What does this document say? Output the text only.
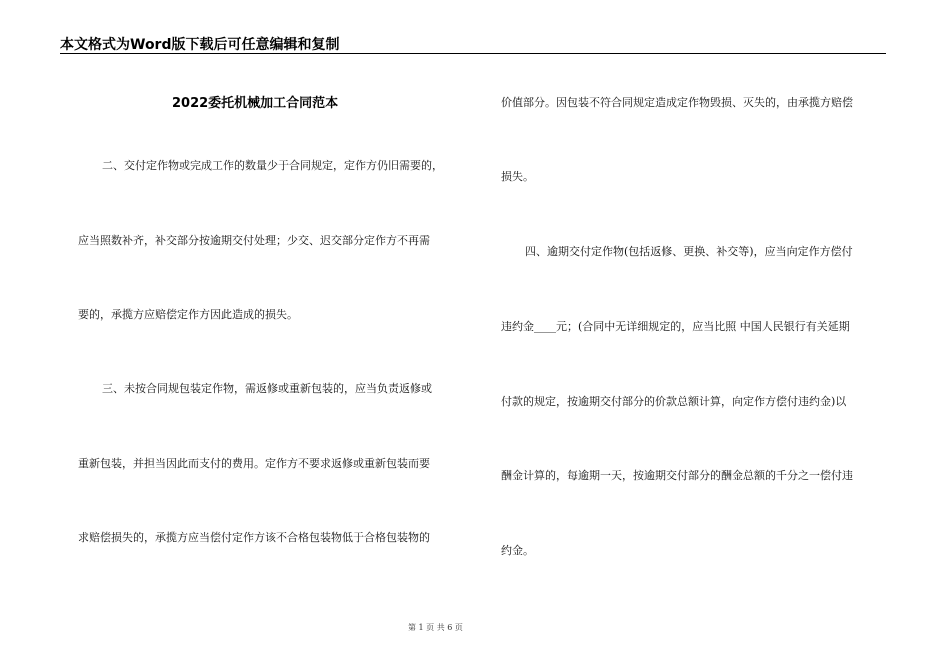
本文格式为Word版下载后可任意编辑和复制
2022委托机械加工合同范本
二、交付定作物或完成工作的数量少于合同规定，定作方仍旧需要的，
应当照数补齐，补交部分按逾期交付处理；少交、迟交部分定作方不再需
要的，承揽方应赔偿定作方因此造成的损失。
三、未按合同规包装定作物，需返修或重新包装的，应当负责返修或
重新包装，并担当因此而支付的费用。定作方不要求返修或重新包装而要
求赔偿损失的，承揽方应当偿付定作方该不合格包装物低于合格包装物的
价值部分。因包装不符合同规定造成定作物毁损、灭失的，由承揽方赔偿
损失。
四、逾期交付定作物(包括返修、更换、补交等)，应当向定作方偿付
违约金____元；(合同中无详细规定的，应当比照 中国人民银行有关延期
付款的规定，按逾期交付部分的价款总额计算，向定作方偿付违约金)以
酬金计算的，每逾期一天，按逾期交付部分的酬金总额的千分之一偿付违
约金。
第 1 页 共 6 页
